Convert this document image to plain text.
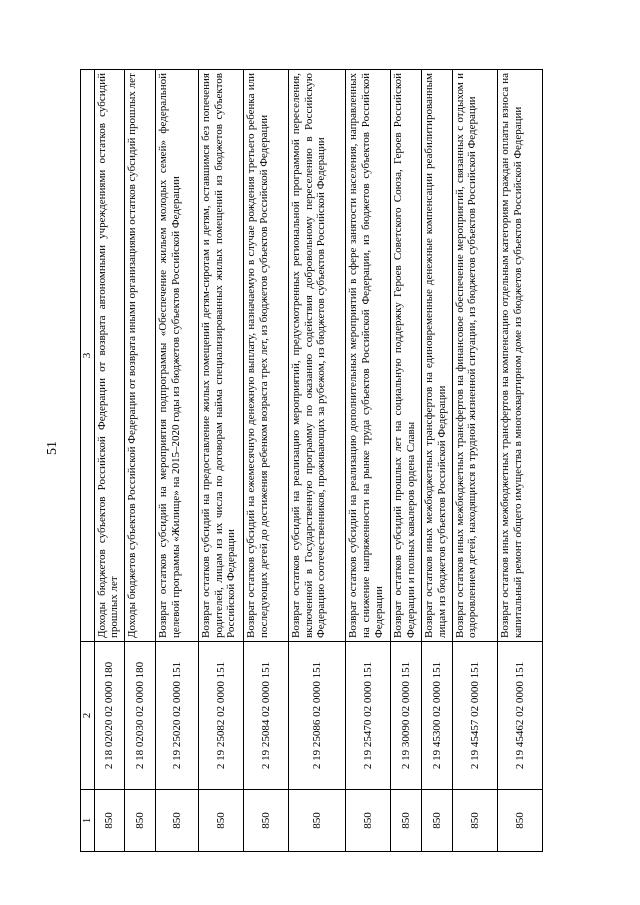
51
1	2	3
850	2 18 02020 02 0000 180	Доходы бюджетов субъектов Российской Федерации от возврата автономными учреждениями остатков субсидий прошлых лет
850	2 18 02030 02 0000 180	Доходы бюджетов субъектов Российской Федерации от возврата иными организациями остатков субсидий прошлых лет
850	2 19 25020 02 0000 151	Возврат остатков субсидий на мероприятия подпрограммы «Обеспечение жильем молодых семей» федеральной целевой программы «Жилище» на 2015–2020 годы из бюджетов субъектов Российской Федерации
850	2 19 25082 02 0000 151	Возврат остатков субсидий на предоставление жилых помещений детям-сиротам и детям, оставшимся без попечения родителей, лицам из их числа по договорам найма специализированных жилых помещений из бюджетов субъектов Российской Федерации
850	2 19 25084 02 0000 151	Возврат остатков субсидий на ежемесячную денежную выплату, назначаемую в случае рождения третьего ребенка или последующих детей до достижения ребенком возраста трех лет, из бюджетов субъектов Российской Федерации
850	2 19 25086 02 0000 151	Возврат остатков субсидий на реализацию мероприятий, предусмотренных региональной программой переселения, включенной в Государственную программу по оказанию содействия добровольному переселению в Российскую Федерацию соотечественников, проживающих за рубежом, из бюджетов субъектов Российской Федерации
850	2 19 25470 02 0000 151	Возврат остатков субсидий на реализацию дополнительных мероприятий в сфере занятости населения, направленных на снижение напряженности на рынке труда субъектов Российской Федерации, из бюджетов субъектов Российской Федерации
850	2 19 30090 02 0000 151	Возврат остатков субсидий прошлых лет на социальную поддержку Героев Советского Союза, Героев Российской Федерации и полных кавалеров ордена Славы
850	2 19 45300 02 0000 151	Возврат остатков иных межбюджетных трансфертов на единовременные денежные компенсации реабилитированным лицам из бюджетов субъектов Российской Федерации
850	2 19 45457 02 0000 151	Возврат остатков иных межбюджетных трансфертов на финансовое обеспечение мероприятий, связанных с отдыхом и оздоровлением детей, находящихся в трудной жизненной ситуации, из бюджетов субъектов Российской Федерации
850	2 19 45462 02 0000 151	Возврат остатков иных межбюджетных трансфертов на компенсацию отдельным категориям граждан оплаты взноса на капитальный ремонт общего имущества в многоквартирном доме из бюджетов субъектов Российской Федерации
